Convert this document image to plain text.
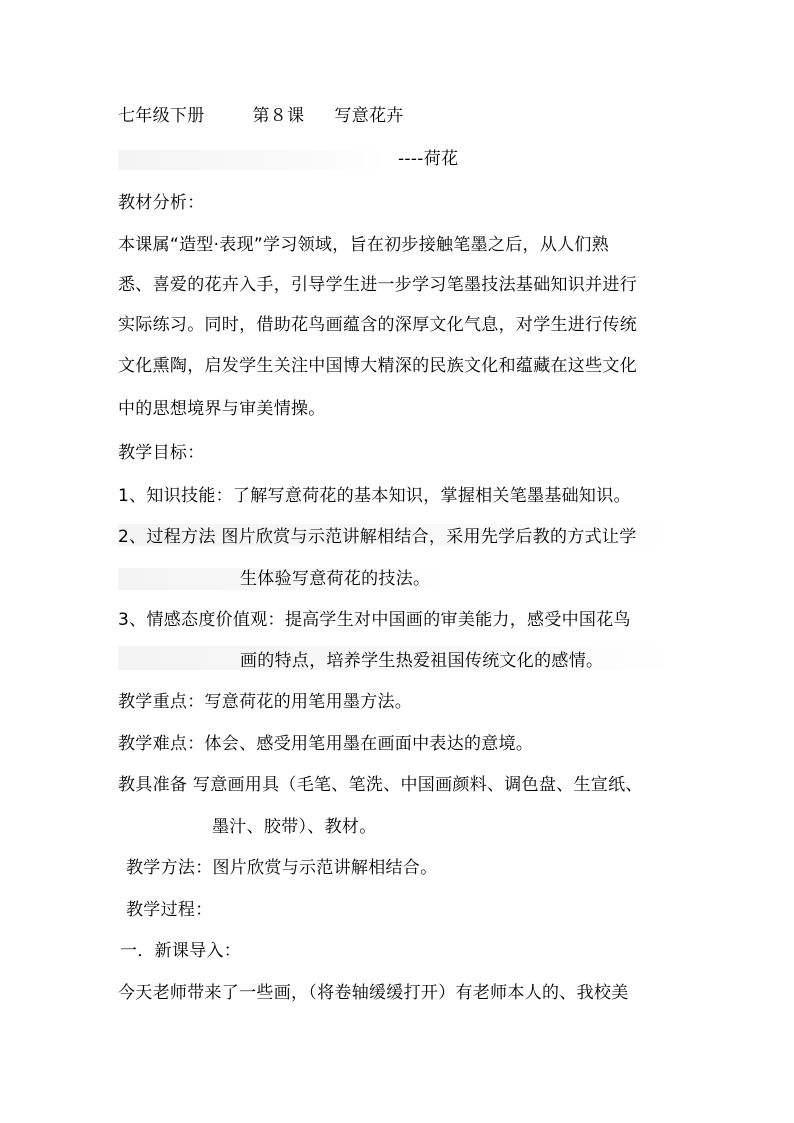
七年级下册	第８课 写意花卉
----荷花
教材分析：
本课属“造型·表现”学习领域，旨在初步接触笔墨之后，从人们熟
悉、喜爱的花卉入手，引导学生进一步学习笔墨技法基础知识并进行
实际练习。同时，借助花鸟画蕴含的深厚文化气息，对学生进行传统
文化熏陶，启发学生关注中国博大精深的民族文化和蕴藏在这些文化
中的思想境界与审美情操。
教学目标：
1、知识技能：了解写意荷花的基本知识，掌握相关笔墨基础知识。
2、过程方法 图片欣赏与示范讲解相结合，采用先学后教的方式让学
生体验写意荷花的技法。
3、情感态度价值观：提高学生对中国画的审美能力，感受中国花鸟
画的特点，培养学生热爱祖国传统文化的感情。
教学重点：写意荷花的用笔用墨方法。
教学难点：体会、感受用笔用墨在画面中表达的意境。
教具准备 写意画用具（毛笔、笔洗、中国画颜料、调色盘、生宣纸、
墨汁、胶带）、教材。
教学方法：图片欣赏与示范讲解相结合。
教学过程：
一．新课导入：
今天老师带来了一些画，（将卷轴缓缓打开）有老师本人的、我校美
